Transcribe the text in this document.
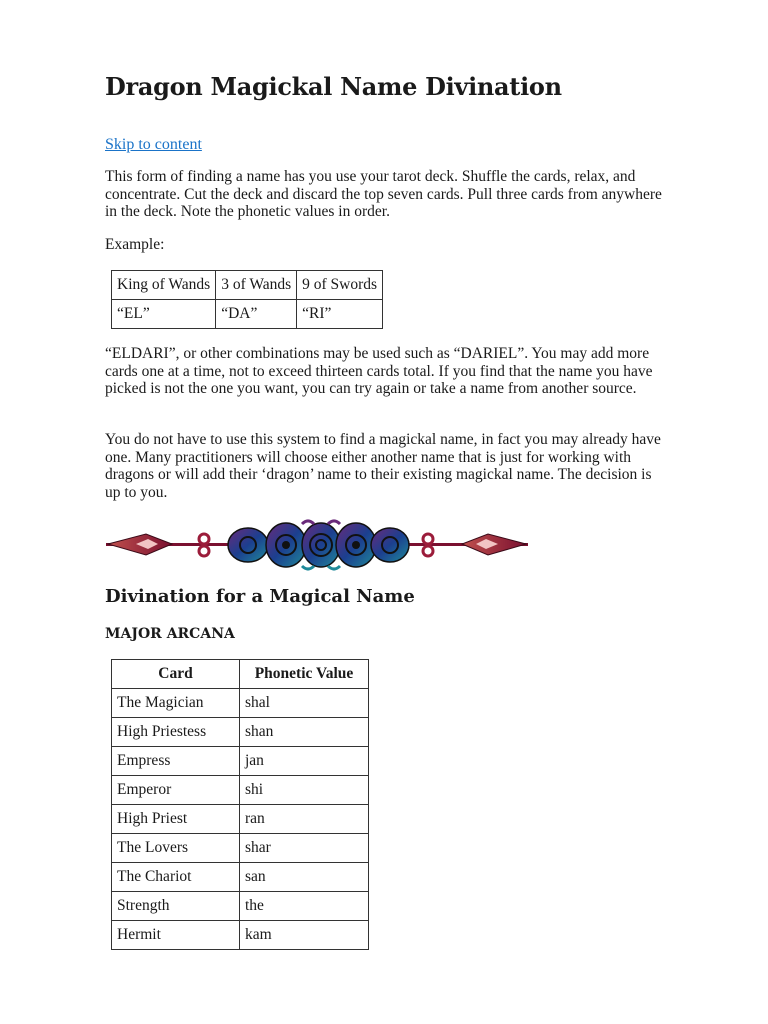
Dragon Magickal Name Divination
Skip to content

This form of finding a name has you use your tarot deck. Shuffle the cards, relax, and concentrate. Cut the deck and discard the top seven cards. Pull three cards from anywhere in the deck. Note the phonetic values in order.

Example:

King of Wands	3 of Wands	9 of Swords
“EL”	“DA”	“RI”

“ELDARI”, or other combinations may be used such as “DARIEL”. You may add more cards one at a time, not to exceed thirteen cards total. If you find that the name you have picked is not the one you want, you can try again or take a name from another source.

You do not have to use this system to find a magickal name, in fact you may already have one. Many practitioners will choose either another name that is just for working with dragons or will add their ‘dragon’ name to their existing magickal name. The decision is up to you.

Divination for a Magical Name
MAJOR ARCANA
Card	Phonetic Value
The Magician	shal
High Priestess	shan
Empress	jan
Emperor	shi
High Priest	ran
The Lovers	shar
The Chariot	san
Strength	the
Hermit	kam
